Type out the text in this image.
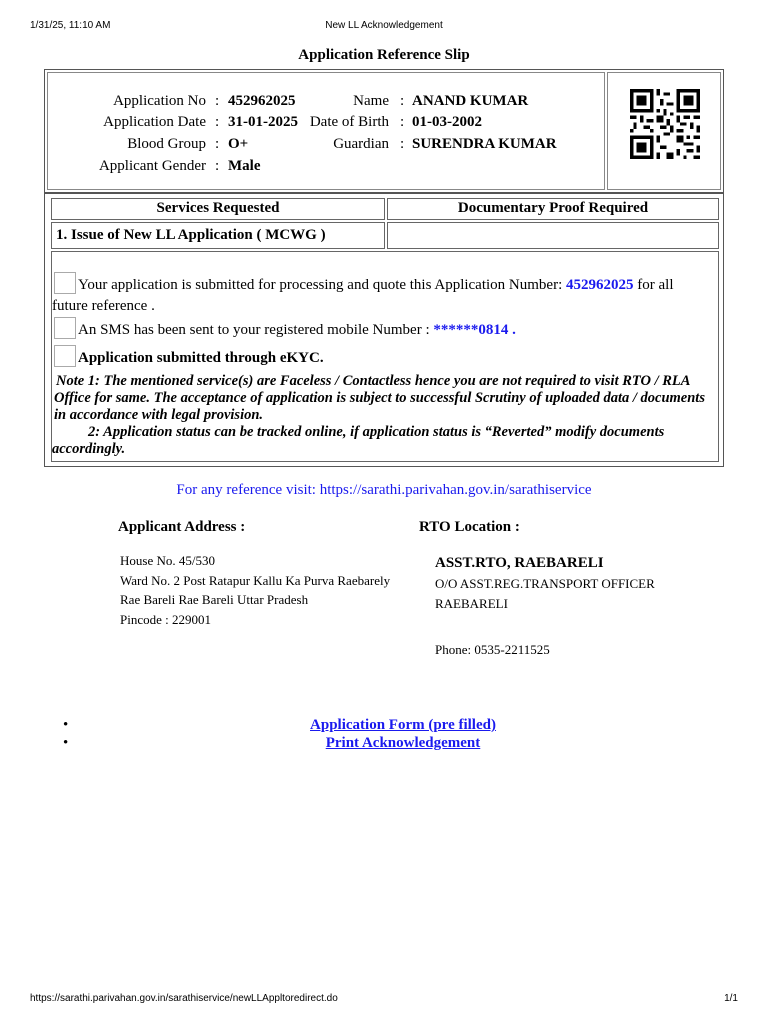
1/31/25, 11:10 AM	New LL Acknowledgement
Application Reference Slip
Application No : 452962025
Application Date : 31-01-2025
Blood Group : O+
Applicant Gender : Male
Name : ANAND KUMAR
Date of Birth : 01-03-2002
Guardian : SURENDRA KUMAR
Services Requested	Documentary Proof Required
1. Issue of New LL Application ( MCWG )
Your application is submitted for processing and quote this Application Number: 452962025 for all
future reference .
An SMS has been sent to your registered mobile Number : ******0814 .
Application submitted through eKYC.
Note 1: The mentioned service(s) are Faceless / Contactless hence you are not required to visit RTO / RLA Office for same. The acceptance of application is subject to successful Scrutiny of uploaded data / documents in accordance with legal provision.
2: Application status can be tracked online, if application status is “Reverted” modify documents accordingly.
For any reference visit: https://sarathi.parivahan.gov.in/sarathiservice
Applicant Address :
House No. 45/530
Ward No. 2 Post Ratapur Kallu Ka Purva Raebarely
Rae Bareli Rae Bareli Uttar Pradesh
Pincode : 229001
RTO Location :
ASST.RTO, RAEBARELI
O/O ASST.REG.TRANSPORT OFFICER
RAEBARELI
Phone: 0535-2211525
•	Application Form (pre filled)
•	Print Acknowledgement
https://sarathi.parivahan.gov.in/sarathiservice/newLLAppltoredirect.do	1/1
